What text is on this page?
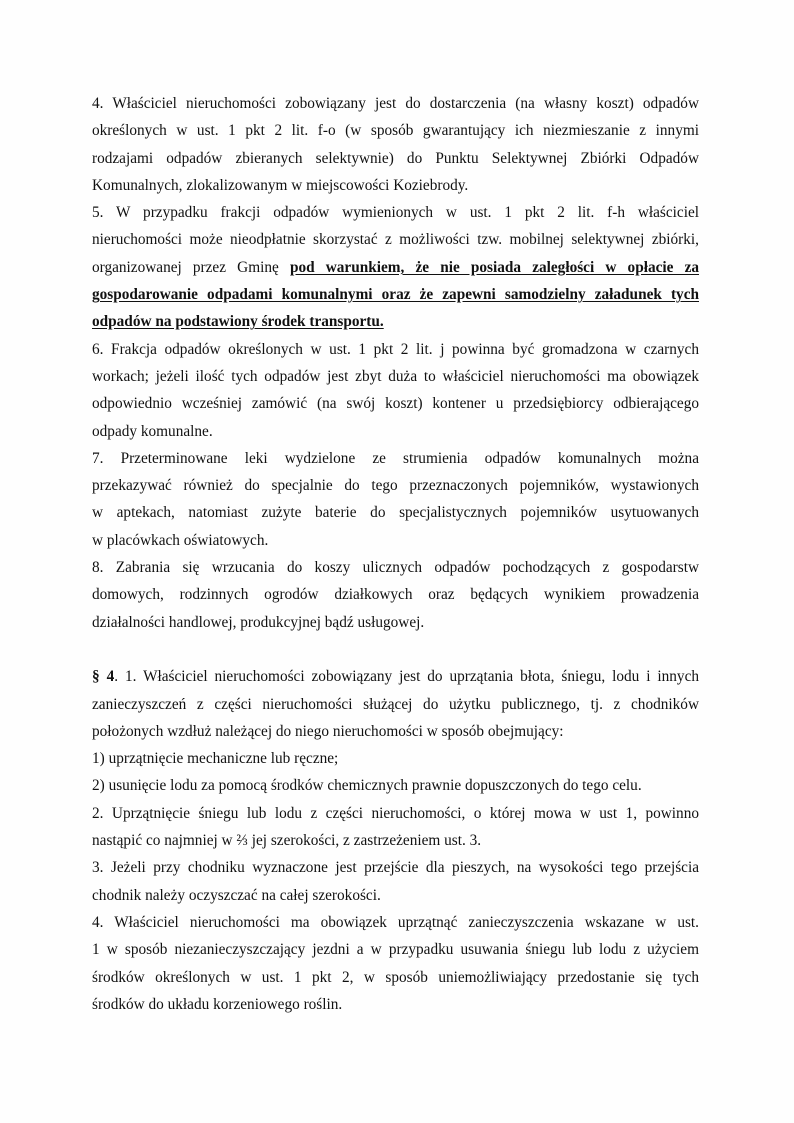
4. Właściciel nieruchomości zobowiązany jest do dostarczenia (na własny koszt) odpadów
określonych w ust. 1 pkt 2 lit. f-o (w sposób gwarantujący ich niezmieszanie z innymi
rodzajami odpadów zbieranych selektywnie) do Punktu Selektywnej Zbiórki Odpadów
Komunalnych, zlokalizowanym w miejscowości Koziebrody.
5. W przypadku frakcji odpadów wymienionych w ust. 1 pkt 2 lit. f-h właściciel
nieruchomości może nieodpłatnie skorzystać z możliwości tzw. mobilnej selektywnej zbiórki,
organizowanej przez Gminę pod warunkiem, że nie posiada zaległości w opłacie za
gospodarowanie odpadami komunalnymi oraz że zapewni samodzielny załadunek tych
odpadów na podstawiony środek transportu.
6. Frakcja odpadów określonych w ust. 1 pkt 2 lit. j powinna być gromadzona w czarnych
workach; jeżeli ilość tych odpadów jest zbyt duża to właściciel nieruchomości ma obowiązek
odpowiednio wcześniej zamówić (na swój koszt) kontener u przedsiębiorcy odbierającego
odpady komunalne.
7. Przeterminowane leki wydzielone ze strumienia odpadów komunalnych można
przekazywać również do specjalnie do tego przeznaczonych pojemników, wystawionych
w aptekach, natomiast zużyte baterie do specjalistycznych pojemników usytuowanych
w placówkach oświatowych.
8. Zabrania się wrzucania do koszy ulicznych odpadów pochodzących z gospodarstw
domowych, rodzinnych ogrodów działkowych oraz będących wynikiem prowadzenia
działalności handlowej, produkcyjnej bądź usługowej.
§ 4. 1. Właściciel nieruchomości zobowiązany jest do uprzątania błota, śniegu, lodu i innych
zanieczyszczeń z części nieruchomości służącej do użytku publicznego, tj. z chodników
położonych wzdłuż należącej do niego nieruchomości w sposób obejmujący:
1) uprzątnięcie mechaniczne lub ręczne;
2) usunięcie lodu za pomocą środków chemicznych prawnie dopuszczonych do tego celu.
2. Uprzątnięcie śniegu lub lodu z części nieruchomości, o której mowa w ust 1, powinno
nastąpić co najmniej w ⅔ jej szerokości, z zastrzeżeniem ust. 3.
3. Jeżeli przy chodniku wyznaczone jest przejście dla pieszych, na wysokości tego przejścia
chodnik należy oczyszczać na całej szerokości.
4. Właściciel nieruchomości ma obowiązek uprzątnąć zanieczyszczenia wskazane w ust.
1 w sposób niezanieczyszczający jezdni a w przypadku usuwania śniegu lub lodu z użyciem
środków określonych w ust. 1 pkt 2, w sposób uniemożliwiający przedostanie się tych
środków do układu korzeniowego roślin.
